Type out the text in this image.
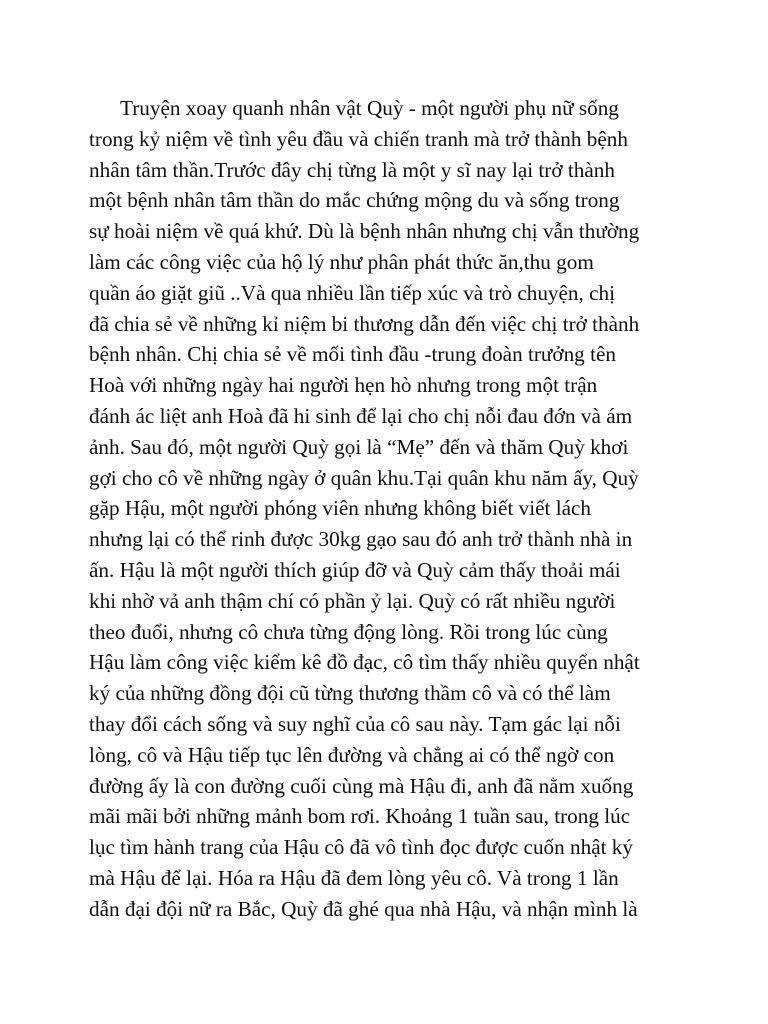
Truyện xoay quanh nhân vật Quỳ - một người phụ nữ sống
trong kỷ niệm về tình yêu đầu và chiến tranh mà trở thành bệnh
nhân tâm thần.Trước đây chị từng là một y sĩ nay lại trở thành
một bệnh nhân tâm thần do mắc chứng mộng du và sống trong
sự hoài niệm về quá khứ. Dù là bệnh nhân nhưng chị vẫn thường
làm các công việc của hộ lý như phân phát thức ăn,thu gom
quần áo giặt giũ ..Và qua nhiều lần tiếp xúc và trò chuyện, chị
đã chia sẻ về những kỉ niệm bi thương dẫn đến việc chị trở thành
bệnh nhân. Chị chia sẻ về mối tình đầu -trung đoàn trưởng tên
Hoà với những ngày hai người hẹn hò nhưng trong một trận
đánh ác liệt anh Hoà đã hi sinh để lại cho chị nỗi đau đớn và ám
ảnh. Sau đó, một người Quỳ gọi là “Mẹ” đến và thăm Quỳ khơi
gợi cho cô về những ngày ở quân khu.Tại quân khu năm ấy, Quỳ
gặp Hậu, một người phóng viên nhưng không biết viết lách
nhưng lại có thể rinh được 30kg gạo sau đó anh trở thành nhà in
ấn. Hậu là một người thích giúp đỡ và Quỳ cảm thấy thoải mái
khi nhờ vả anh thậm chí có phần ỷ lại. Quỳ có rất nhiều người
theo đuổi, nhưng cô chưa từng động lòng. Rồi trong lúc cùng
Hậu làm công việc kiểm kê đồ đạc, cô tìm thấy nhiều quyển nhật
ký của những đồng đội cũ từng thương thầm cô và có thể làm
thay đổi cách sống và suy nghĩ của cô sau này. Tạm gác lại nỗi
lòng, cô và Hậu tiếp tục lên đường và chẳng ai có thể ngờ con
đường ấy là con đường cuối cùng mà Hậu đi, anh đã nằm xuống
mãi mãi bởi những mảnh bom rơi. Khoảng 1 tuần sau, trong lúc
lục tìm hành trang của Hậu cô đã vô tình đọc được cuốn nhật ký
mà Hậu để lại. Hóa ra Hậu đã đem lòng yêu cô. Và trong 1 lần
dẫn đại đội nữ ra Bắc, Quỳ đã ghé qua nhà Hậu, và nhận mình là
